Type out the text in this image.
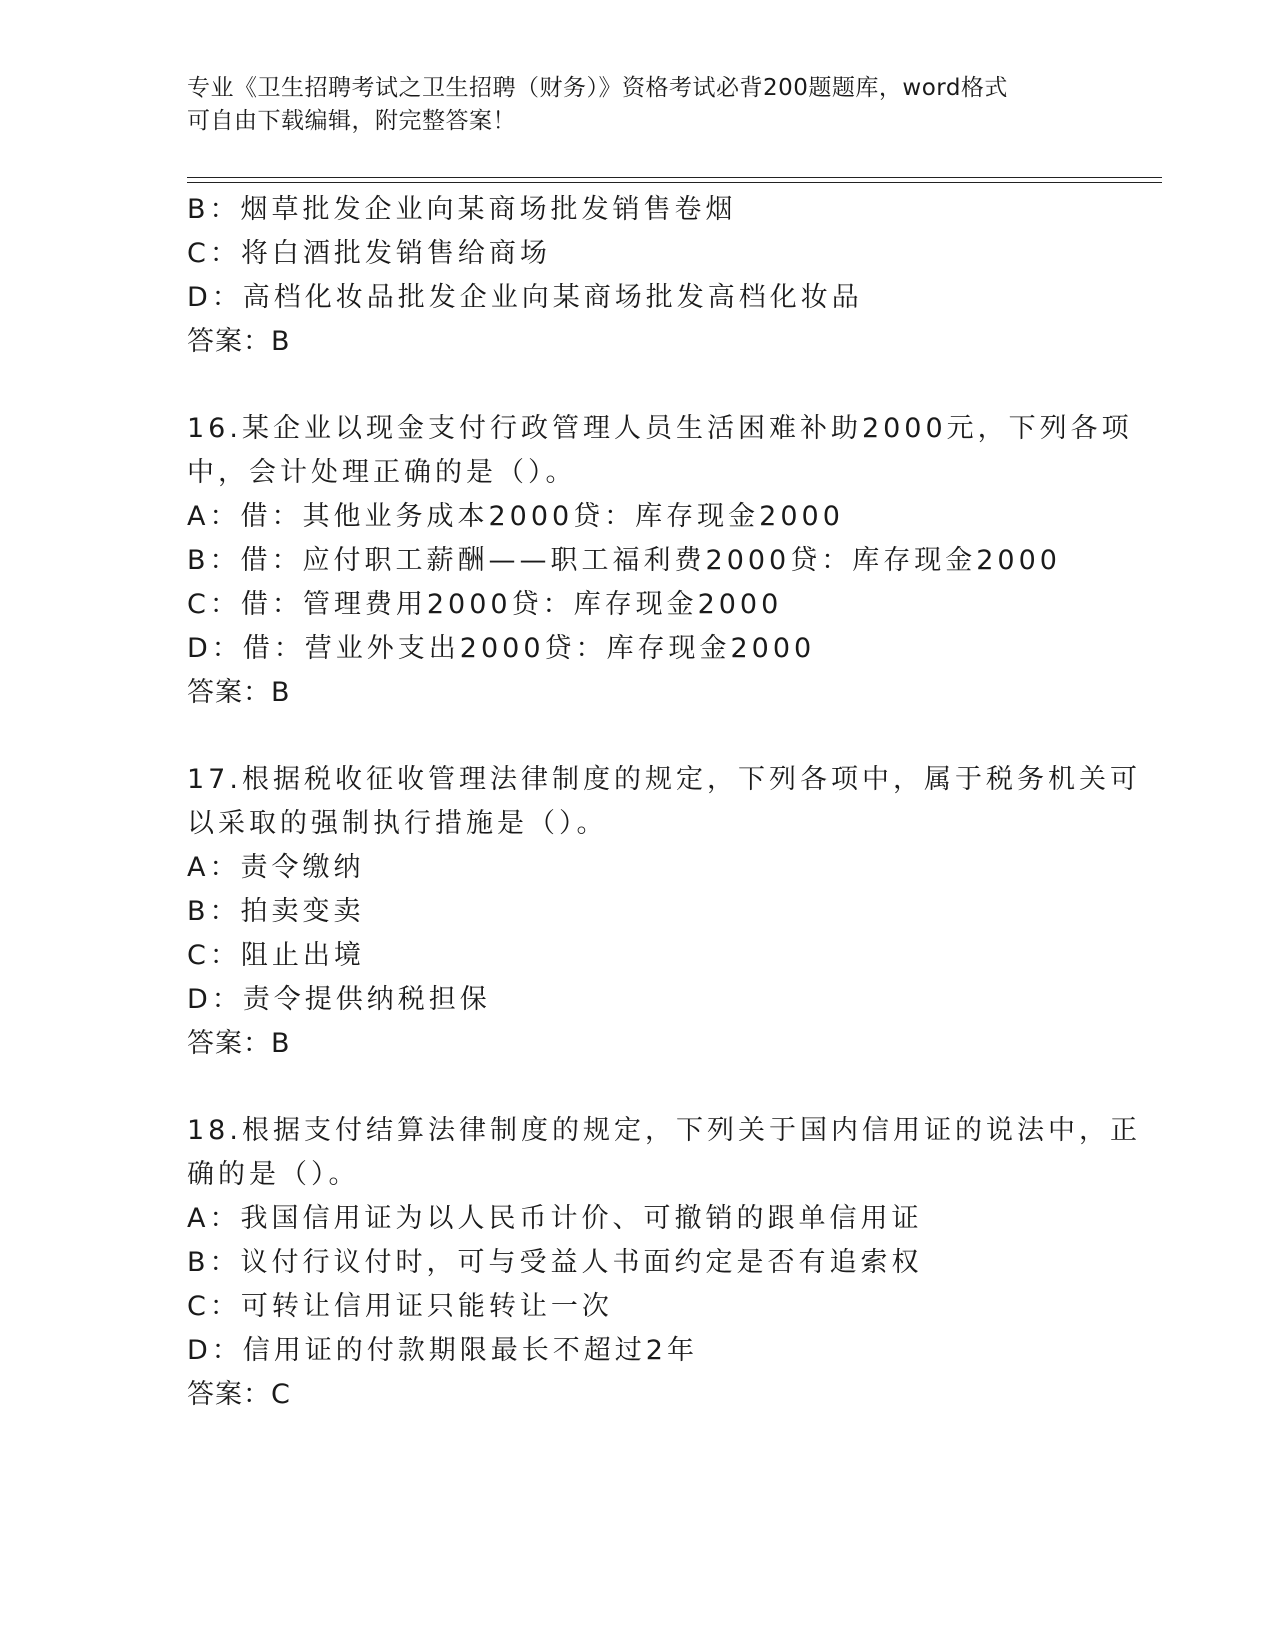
专业《卫生招聘考试之卫生招聘（财务）》资格考试必背200题题库，word格式
可自由下载编辑，附完整答案！
B：烟草批发企业向某商场批发销售卷烟
C：将白酒批发销售给商场
D：高档化妆品批发企业向某商场批发高档化妆品
答案：B
16.某企业以现金支付行政管理人员生活困难补助2000元，下列各项
中，会计处理正确的是（）。
A：借：其他业务成本2000贷：库存现金2000
B：借：应付职工薪酬——职工福利费2000贷：库存现金2000
C：借：管理费用2000贷：库存现金2000
D：借：营业外支出2000贷：库存现金2000
答案：B
17.根据税收征收管理法律制度的规定，下列各项中，属于税务机关可
以采取的强制执行措施是（）。
A：责令缴纳
B：拍卖变卖
C：阻止出境
D：责令提供纳税担保
答案：B
18.根据支付结算法律制度的规定，下列关于国内信用证的说法中，正
确的是（）。
A：我国信用证为以人民币计价、可撤销的跟单信用证
B：议付行议付时，可与受益人书面约定是否有追索权
C：可转让信用证只能转让一次
D：信用证的付款期限最长不超过2年
答案：C
